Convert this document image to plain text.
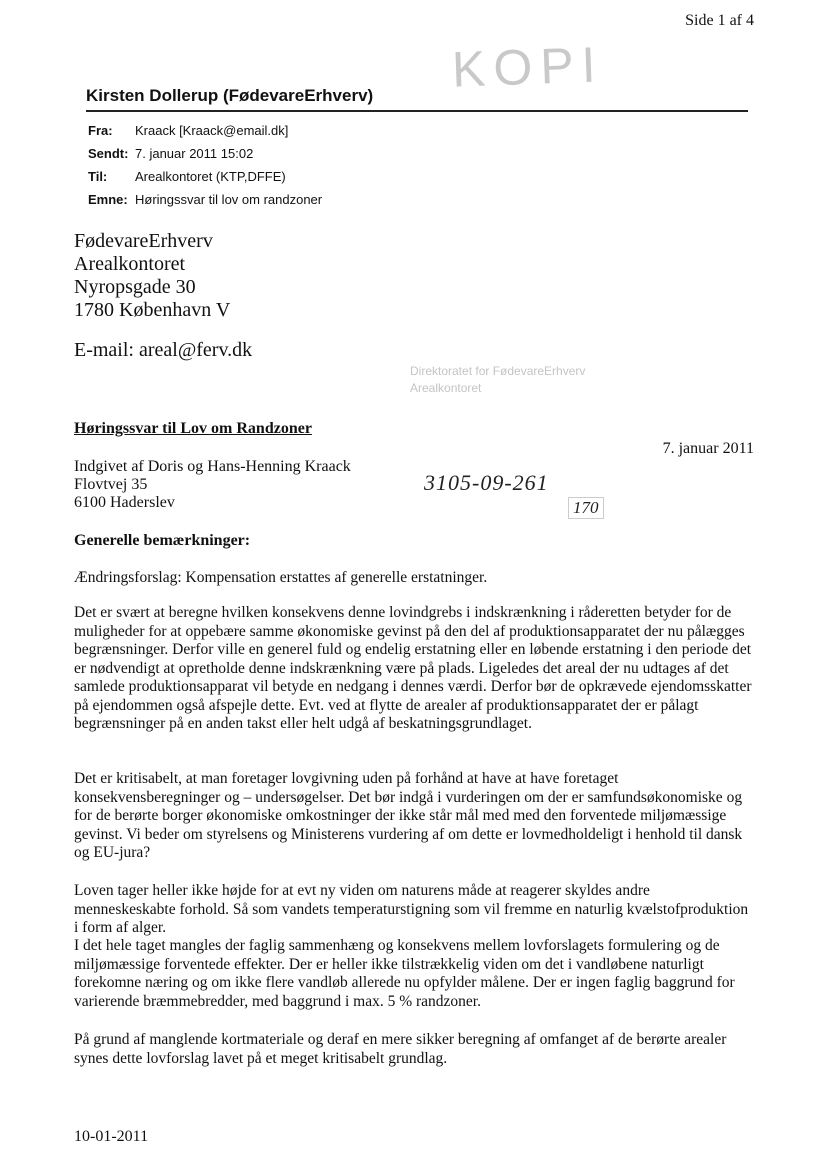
Side 1 af 4
KOPI
Kirsten Dollerup (FødevareErhverv)
Fra: Kraack [Kraack@email.dk]
Sendt: 7. januar 2011 15:02
Til: Arealkontoret (KTP,DFFE)
Emne: Høringssvar til lov om randzoner
FødevareErhverv
Arealkontoret
Nyropsgade 30
1780 København V
E-mail: areal@ferv.dk
Direktoratet for FødevareErhverv
Arealkontoret
Høringssvar til Lov om Randzoner
7. januar 2011
Indgivet af Doris og Hans-Henning Kraack
Flovtvej 35
6100 Haderslev
3105-09-261
170
Generelle bemærkninger:

Ændringsforslag: Kompensation erstattes af generelle erstatninger.

Det er svært at beregne hvilken konsekvens denne lovindgrebs i indskrænkning i råderetten betyder for de muligheder for at oppebære samme økonomiske gevinst på den del af produktionsapparatet der nu pålægges begrænsninger. Derfor ville en generel fuld og endelig erstatning eller en løbende erstatning i den periode det er nødvendigt at opretholde denne indskrænkning være på plads. Ligeledes det areal der nu udtages af det samlede produktionsapparat vil betyde en nedgang i dennes værdi. Derfor bør de opkrævede ejendomsskatter på ejendommen også afspejle dette. Evt. ved at flytte de arealer af produktionsapparatet der er pålagt begrænsninger på en anden takst eller helt udgå af beskatningsgrundlaget.

Det er kritisabelt, at man foretager lovgivning uden på forhånd at have at have foretaget konsekvensberegninger og – undersøgelser. Det bør indgå i vurderingen om der er samfundsøkonomiske og for de berørte borger økonomiske omkostninger der ikke står mål med med den forventede miljømæssige gevinst. Vi beder om styrelsens og Ministerens vurdering af om dette er lovmedholdeligt i henhold til dansk og EU-jura?

Loven tager heller ikke højde for at evt ny viden om naturens måde at reagerer skyldes andre menneskeskabte forhold. Så som vandets temperaturstigning som vil fremme en naturlig kvælstofproduktion i form af alger.

I det hele taget mangles der faglig sammenhæng og konsekvens mellem lovforslagets formulering og de miljømæssige forventede effekter. Der er heller ikke tilstrækkelig viden om det i vandløbene naturligt forekomne næring og om ikke flere vandløb allerede nu opfylder målene. Der er ingen faglig baggrund for varierende bræmmebredder, med baggrund i max. 5 % randzoner.

På grund af manglende kortmateriale og deraf en mere sikker beregning af omfanget af de berørte arealer synes dette lovforslag lavet på et meget kritisabelt grundlag.

10-01-2011
